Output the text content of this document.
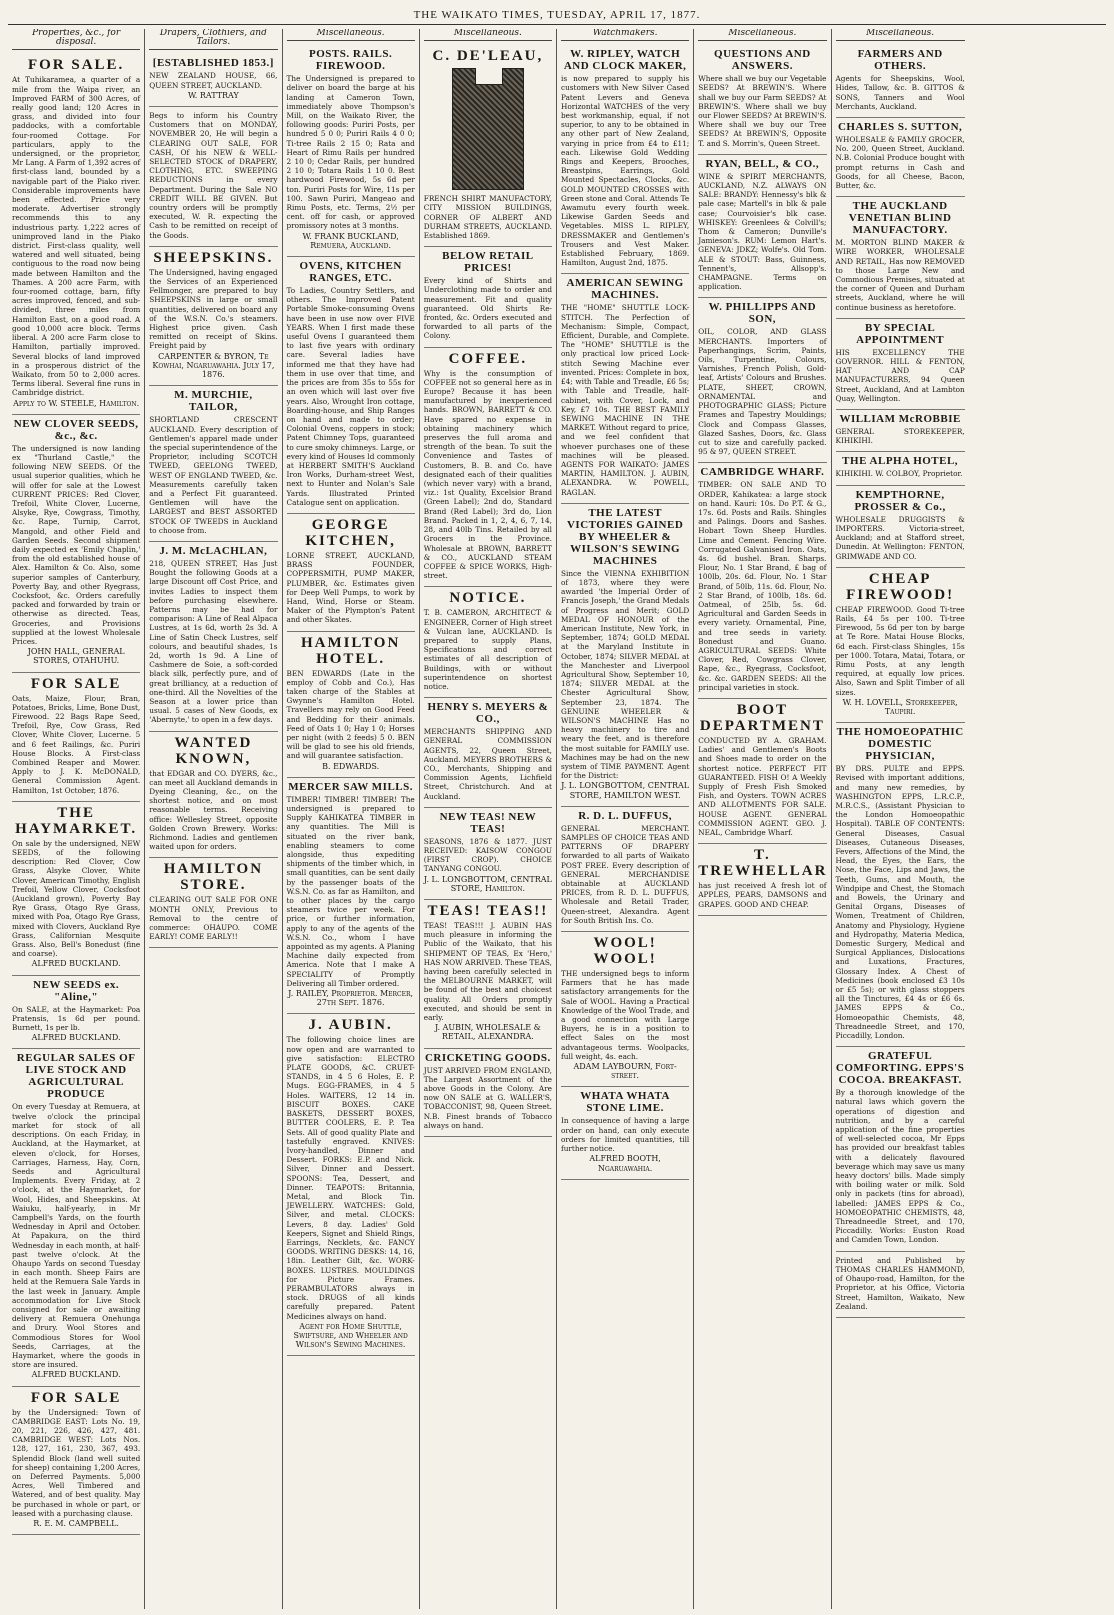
THE WAIKATO TIMES, TUESDAY, APRIL 17, 1877.
Properties, &c., for disposal.
FOR SALE.

At Tuhikaramea, a quarter of a mile from the Waipa river, an Improved FARM of 300 Acres, of really good land; 120 Acres in grass, and divided into four paddocks, with a comfortable four-roomed Cottage. For particulars, apply to the undersigned, or the proprietor, Mr Lang. A Farm of 1,392 acres of first-class land, bounded by a navigable part of the Piako river. Considerable improvements have been effected. Price very moderate. Advertiser strongly recommends this to any industrious party. 1,222 acres of unimproved land in the Piako district. First-class quality, well watered and well situated, being contiguous to the road now being made between Hamilton and the Thames. A 200 acre Farm, with four-roomed cottage, barn, fifty acres improved, fenced, and sub-divided, three miles from Hamilton East, on a good road. A good 10,000 acre block. Terms liberal. A 200 acre Farm close to Hamilton, partially improved. Several blocks of land improved in a prosperous district of the Waikato, from 50 to 2,000 acres. Terms liberal. Several fine runs in Cambridge district.

Apply to W. STEELE, Hamilton.

NEW CLOVER SEEDS, &c., &c.

The undersigned is now landing ex "Thurland Castle," the following NEW SEEDS. Of the usual superior qualities, which he will offer for sale at the Lowest CURRENT PRICES: Red Clover, Trefoil, White Clover, Lucerne, Alsyke, Rye, Cowgrass, Timothy, &c. Rape, Turnip, Carrot, Mangold, and other Field and Garden Seeds. Second shipment daily expected ex 'Emily Chaplin,' from the old established house of Alex. Hamilton & Co. Also, some superior samples of Canterbury, Poverty Bay, and other Ryegrass, Cocksfoot, &c. Orders carefully packed and forwarded by train or otherwise as directed. Teas, Groceries, and Provisions supplied at the lowest Wholesale Prices.

JOHN HALL, GENERAL STORES, OTAHUHU.

FOR SALE

Oats, Maize, Flour, Bran, Potatoes, Bricks, Lime, Bone Dust, Firewood. 22 Bags Rape Seed, Trefoil, Rye, Cow Grass, Red Clover, White Clover, Lucerne. 5 and 6 feet Railings, &c. Puriri House Blocks. A First-class Combined Reaper and Mower. Apply to J. K. McDONALD, General Commission Agent. Hamilton, 1st October, 1876.

THE HAYMARKET.

On sale by the undersigned, NEW SEEDS, of the following description: Red Clover, Cow Grass, Alsyke Clover, White Clover, American Timothy, English Trefoil, Yellow Clover, Cocksfoot (Auckland grown), Poverty Bay Rye Grass, Otago Rye Grass, mixed with Poa, Otago Rye Grass, mixed with Clovers, Auckland Rye Grass, Californian Mesquite Grass. Also, Bell's Bonedust (fine and coarse).

ALFRED BUCKLAND.

NEW SEEDS ex. "Aline,"

On SALE, at the Haymarket: Poa Pratensis, 1s 6d per pound. Burnett, 1s per lb.

ALFRED BUCKLAND.

REGULAR SALES OF LIVE STOCK AND AGRICULTURAL PRODUCE

On every Tuesday at Remuera, at twelve o'clock the principal market for stock of all descriptions. On each Friday, in Auckland, at the Haymarket, at eleven o'clock, for Horses, Carriages, Harness, Hay, Corn, Seeds and Agricultural Implements. Every Friday, at 2 o'clock, at the Haymarket, for Wool, Hides, and Sheepskins. At Waiuku, half-yearly, in Mr Campbell's Yards, on the fourth Wednesday in April and October. At Papakura, on the third Wednesday in each month, at half-past twelve o'clock. At the Ohaupo Yards on second Tuesday in each month. Sheep Fairs are held at the Remuera Sale Yards in the last week in January. Ample accommodation for Live Stock consigned for sale or awaiting delivery at Remuera Onehunga and Drury. Wool Stores and Commodious Stores for Wool Seeds, Carriages, at the Haymarket, where the goods in store are insured.

ALFRED BUCKLAND.

FOR SALE

by the Undersigned: Town of CAMBRIDGE EAST: Lots No. 19, 20, 221, 226, 426, 427, 481. CAMBRIDGE WEST: Lots Nos. 128, 127, 161, 230, 367, 493. Splendid Block (land well suited for sheep) containing 1,200 Acres, on Deferred Payments. 5,000 Acres, Well Timbered and Watered, and of best quality. May be purchased in whole or part, or leased with a purchasing clause.

R. E. M. CAMPBELL.

Drapers, Clothiers, and Tailors.
[ESTABLISHED 1853.]

NEW ZEALAND HOUSE, 66, QUEEN STREET, AUCKLAND.

W. RATTRAY

Begs to inform his Country Customers that on MONDAY, NOVEMBER 20, He will begin a CLEARING OUT SALE, FOR CASH, Of his NEW & WELL-SELECTED STOCK of DRAPERY, CLOTHING, ETC. SWEEPING REDUCTIONS in every Department. During the Sale NO CREDIT WILL BE GIVEN. But country orders will be promptly executed, W. R. expecting the Cash to be remitted on receipt of the Goods.

SHEEPSKINS.

The Undersigned, having engaged the Services of an Experienced Fellmonger, are prepared to buy SHEEPSKINS in large or small quantities, delivered on board any of the W.S.N. Co.'s steamers. Highest price given. Cash remitted on receipt of Skins. Freight paid by

CARPENTER & BYRON, Te Kowhai, Ngaruawahia. July 17, 1876.

M. MURCHIE, TAILOR,

SHORTLAND CRESCENT AUCKLAND. Every description of Gentlemen's apparel made under the special superintendence of the Proprietor, including SCOTCH TWEED, GEELONG TWEED, WEST OF ENGLAND TWEED, &c. Measurements carefully taken and a Perfect Fit guaranteed. Gentlemen will have the LARGEST and BEST ASSORTED STOCK OF TWEEDS in Auckland to choose from.

J. M. McLACHLAN,

218, QUEEN STREET, Has Just Bought the following Goods at a large Discount off Cost Price, and invites Ladies to inspect them before purchasing elsewhere. Patterns may be had for comparison: A Line of Real Alpaca Lustres, at 1s 6d, worth 2s 3d. A Line of Satin Check Lustres, self colours, and beautiful shades, 1s 2d, worth 1s 9d. A Line of Cashmere de Soie, a soft-corded black silk, perfectly pure, and of great brilliancy, at a reduction of one-third. All the Novelties of the Season at a lower price than usual. 5 cases of New Goods, ex 'Abernyte,' to open in a few days.

WANTED KNOWN,

that EDGAR and CO. DYERS, &c., can meet all Auckland demands in Dyeing Cleaning, &c., on the shortest notice, and on most reasonable terms. Receiving office: Wellesley Street, opposite Golden Crown Brewery. Works: Richmond. Ladies and gentlemen waited upon for orders.

HAMILTON STORE.

CLEARING OUT SALE FOR ONE MONTH ONLY, Previous to Removal to the centre of commerce: OHAUPO. COME EARLY! COME EARLY!!

Miscellaneous.
POSTS. RAILS. FIREWOOD.

The Undersigned is prepared to deliver on board the barge at his landing at Cameron Town, immediately above Thompson's Mill, on the Waikato River, the following goods: Puriri Posts, per hundred 5 0 0; Puriri Rails 4 0 0; Ti-tree Rails 2 15 0; Rata and Heart of Rimu Rails per hundred 2 10 0; Cedar Rails, per hundred 2 10 0; Totara Rails 1 10 0. Best hardwood Firewood, 5s 6d per ton. Puriri Posts for Wire, 11s per 100. Sawn Puriri, Mangeao and Rimu Posts, etc. Terms, 2½ per cent. off for cash, or approved promissory notes at 3 months.

W. FRANK BUCKLAND, Remuera, Auckland.

OVENS, KITCHEN RANGES, ETC.

To Ladies, Country Settlers, and others. The Improved Patent Portable Smoke-consuming Ovens have been in use now over FIVE YEARS. When I first made these useful Ovens I guaranteed them to last five years with ordinary care. Several ladies have informed me that they have had them in use over that time, and the prices are from 35s to 55s for an oven which will last over five years. Also, Wrought Iron cottage, Boarding-house, and Ship Ranges on hand and made to order; Colonial Ovens, coppers in stock; Patent Chimney Tops, guaranteed to cure smoky chimneys. Large, or every kind of Houses ld commonly at HERBERT SMITH'S Auckland Iron Works, Durham-street West, next to Hunter and Nolan's Sale Yards. Illustrated Printed Catalogue sent on application.

GEORGE KITCHEN,

LORNE STREET, AUCKLAND, BRASS FOUNDER, COPPERSMITH, PUMP MAKER, PLUMBER, &c. Estimates given for Deep Well Pumps, to work by Hand, Wind, Horse or Steam. Maker of the Plympton's Patent and other Skates.

HAMILTON HOTEL.

BEN EDWARDS (Late in the employ of Cobb and Co.), Has taken charge of the Stables at Gwynne's Hamilton Hotel. Travellers may rely on Good Feed and Bedding for their animals. Feed of Oats 1 0; Hay 1 0; Horses per night (with 2 feeds) 5 0. BEN will be glad to see his old friends, and will guarantee satisfaction.

B. EDWARDS.

MERCER SAW MILLS.

TIMBER! TIMBER! TIMBER! The undersigned is prepared to Supply KAHIKATEA TIMBER in any quantities. The Mill is situated on the river bank, enabling steamers to come alongside, thus expediting shipments of the timber which, in small quantities, can be sent daily by the passenger boats of the W.S.N. Co. as far as Hamilton, and to other places by the cargo steamers twice per week. For price, or further information, apply to any of the agents of the W.S.N. Co., whom I have appointed as my agents. A Planing Machine daily expected from America. Note that I make A SPECIALITY of Promptly Delivering all Timber ordered.

J. RAILEY, Proprietor. Mercer, 27th Sept. 1876.

J. AUBIN.

The following choice lines are now open and are warranted to give satisfaction: ELECTRO PLATE GOODS, &C. CRUET-STANDS, in 4 5 6 Holes, E. P. Mugs. EGG-FRAMES, in 4 5 Holes. WAITERS, 12 14 in. BISCUIT BOXES. CAKE BASKETS, DESSERT BOXES, BUTTER COOLERS, E. P. Tea Sets. All of good quality Plate and tastefully engraved. KNIVES: Ivory-handled, Dinner and Dessert. FORKS: E.P. and Nick. Silver, Dinner and Dessert. SPOONS: Tea, Dessert, and Dinner. TEAPOTS: Britannia, Metal, and Block Tin. JEWELLERY. WATCHES: Gold, Silver, and metal. CLOCKS: Levers, 8 day. Ladies' Gold Keepers, Signet and Shield Rings, Earrings, Necklets, &c. FANCY GOODS. WRITING DESKS: 14, 16, 18in. Leather Gilt, &c. WORK-BOXES. LUSTRES. MOULDINGS for Picture Frames. PERAMBULATORS always in stock. DRUGS of all kinds carefully prepared. Patent Medicines always on hand.

Agent for Home Shuttle, Swiftsure, and Wheeler and Wilson's Sewing Machines.

Miscellaneous.
C. DE'LEAU,

FRENCH SHIRT MANUFACTORY, CITY MISSION BUILDINGS, CORNER OF ALBERT AND DURHAM STREETS, AUCKLAND. Established 1869.

BELOW RETAIL PRICES!

Every kind of Shirts and Underclothing made to order and measurement. Fit and quality guaranteed. Old Shirts Re-fronted, &c. Orders executed and forwarded to all parts of the Colony.

COFFEE.

Why is the consumption of COFFEE not so general here as in Europe? Because it has been manufactured by inexperienced hands. BROWN, BARRETT & CO. Have spared no expense in obtaining machinery which preserves the full aroma and strength of the bean. To suit the Convenience and Tastes of Customers, B. B. and Co. have designated each of their qualities (which never vary) with a brand, viz.: 1st Quality, Excelsior Brand (Green Label); 2nd do, Standard Brand (Red Label); 3rd do, Lion Brand. Packed in 1, 2, 4, 6, 7, 14, 28, and 40lb Tins. Retailed by all Grocers in the Province. Wholesale at BROWN, BARRETT & CO., AUCKLAND STEAM COFFEE & SPICE WORKS, High-street.

NOTICE.

T. B. CAMERON, ARCHITECT & ENGINEER, Corner of High street & Vulcan lane, AUCKLAND. Is prepared to supply Plans, Specifications and correct estimates of all description of Buildings, with or without superintendence on shortest notice.

HENRY S. MEYERS & CO.,

MERCHANTS SHIPPING AND GENERAL COMMISSION AGENTS, 22, Queen Street, Auckland. MEYERS BROTHERS & CO., Merchants, Shipping and Commission Agents, Lichfield Street, Christchurch. And at Auckland.

NEW TEAS! NEW TEAS!

SEASONS, 1876 & 1877. JUST RECEIVED: KAISOW CONGOU (FIRST CROP). CHOICE TANYANG CONGOU.

J. L. LONGBOTTOM, CENTRAL STORE, Hamilton.

TEAS! TEAS!!

TEAS! TEAS!!! J. AUBIN HAS much pleasure in informing the Public of the Waikato, that his SHIPMENT OF TEAS, Ex 'Hero,' HAS NOW ARRIVED. These TEAS, having been carefully selected in the MELBOURNE MARKET, will be found of the best and choicest quality. All Orders promptly executed, and should be sent in early.

J. AUBIN, WHOLESALE & RETAIL, ALEXANDRA.

CRICKETING GOODS.

JUST ARRIVED FROM ENGLAND, The Largest Assortment of the above Goods in the Colony. Are now ON SALE at G. WALLER'S, TOBACCONIST, 98, Queen Street. N.B. Finest brands of Tobacco always on hand.

Watchmakers.
W. RIPLEY, WATCH AND CLOCK MAKER,

is now prepared to supply his customers with New Silver Cased Patent Levers and Geneva Horizontal WATCHES of the very best workmanship, equal, if not superior, to any to be obtained in any other part of New Zealand, varying in price from £4 to £11; each. Likewise Gold Wedding Rings and Keepers, Brooches, Breastpins, Earrings, Gold Mounted Spectacles, Clocks, &c. GOLD MOUNTED CROSSES with Green stone and Coral. Attends Te Awamutu every fourth week. Likewise Garden Seeds and Vegetables. MISS L. RIPLEY, DRESSMAKER and Gentlemen's Trousers and Vest Maker. Established February, 1869. Hamilton, August 2nd, 1875.

AMERICAN SEWING MACHINES.

THE "HOME" SHUTTLE LOCK-STITCH. The Perfection of Mechanism: Simple, Compact, Efficient, Durable, and Complete. The "HOME" SHUTTLE is the only practical low priced Lock-stitch Sewing Machine ever invented. Prices: Complete in box, £4; with Table and Treadle, £6 5s; with Table and Treadle, half-cabinet, with Cover, Lock, and Key, £7 10s. THE BEST FAMILY SEWING MACHINE IN THE MARKET. Without regard to price, and we feel confident that whoever purchases one of these machines will be pleased. AGENTS FOR WAIKATO: JAMES MARTIN, HAMILTON. J. AUBIN, ALEXANDRA. W. POWELL, RAGLAN.

THE LATEST VICTORIES GAINED BY WHEELER & WILSON'S SEWING MACHINES

Since the VIENNA EXHIBITION of 1873, where they were awarded 'the Imperial Order of Francis Joseph,' the Grand Medals of Progress and Merit; GOLD MEDAL OF HONOUR of the American Institute, New York, in September, 1874; GOLD MEDAL at the Maryland Institute in October, 1874; SILVER MEDAL at the Manchester and Liverpool Agricultural Show, September 10, 1874; SILVER MEDAL at the Chester Agricultural Show, September 23, 1874. The GENUINE WHEELER & WILSON'S MACHINE Has no heavy machinery to tire and weary the feet, and is therefore the most suitable for FAMILY use. Machines may be had on the new system of TIME PAYMENT. Agent for the District:

J. L. LONGBOTTOM, CENTRAL STORE, HAMILTON WEST.

R. D. L. DUFFUS,

GENERAL MERCHANT. SAMPLES OF CHOICE TEAS AND PATTERNS OF DRAPERY forwarded to all parts of Waikato POST FREE. Every description of GENERAL MERCHANDISE obtainable at AUCKLAND PRICES, from R. D. L. DUFFUS, Wholesale and Retail Trader, Queen-street, Alexandra. Agent for South British Ins. Co.

WOOL! WOOL!

THE undersigned begs to inform Farmers that he has made satisfactory arrangements for the Sale of WOOL. Having a Practical Knowledge of the Wool Trade, and a good connection with Large Buyers, he is in a position to effect Sales on the most advantageous terms. Woolpacks, full weight, 4s. each.

ADAM LAYBOURN, Fort-street.

WHATA WHATA STONE LIME.

In consequence of having a large order on hand, can only execute orders for limited quantities, till further notice.

ALFRED BOOTH, Ngaruawahia.

Miscellaneous.
QUESTIONS AND ANSWERS.

Where shall we buy our Vegetable SEEDS? At BREWIN'S. Where shall we buy our Farm SEEDS? At BREWIN'S. Where shall we buy our Flower SEEDS? At BREWIN'S. Where shall we buy our Tree SEEDS? At BREWIN'S, Opposite T. and S. Morrin's, Queen Street.

RYAN, BELL, & CO.,

WINE & SPIRIT MERCHANTS, AUCKLAND, N.Z. ALWAYS ON SALE: BRANDY: Hennessy's blk & pale case; Martell's in blk & pale case; Courvoisier's blk case. WHISKEY: Greenlees & Colvill's; Thom & Cameron; Dunville's Jamieson's. RUM: Lemon Hart's. GENEVA: JDKZ; Wolfe's. Old Tom. ALE & STOUT: Bass, Guinness, Tennent's, Allsopp's. CHAMPAGNE. Terms on application.

W. PHILLIPPS AND SON,

OIL, COLOR, AND GLASS MERCHANTS. Importers of Paperhangings, Scrim, Paints, Oils, Turpentine, Colours, Varnishes, French Polish, Gold-leaf, Artists' Colours and Brushes. PLATE, SHEET, CROWN, ORNAMENTAL and PHOTOGRAPHIC GLASS; Picture Frames and Tapestry Mouldings; Clock and Compass Glasses, Glazed Sashes, Doors, &c. Glass cut to size and carefully packed. 95 & 97, QUEEN STREET.

CAMBRIDGE WHARF.

TIMBER: ON SALE AND TO ORDER, Kahikatea: a large stock on hand. Kauri: 10s. Do P.T. & G., 17s. 6d. Posts and Rails. Shingles and Palings. Doors and Sashes. Hobart Town Sheep Hurdles. Lime and Cement. Fencing Wire. Corrugated Galvanised Iron. Oats, 4s. 6d bushel. Bran. Sharps. Flour, No. 1 Star Brand, £ bag of 100lb, 20s. 6d. Flour, No. 1 Star Brand, of 50lb, 11s. 6d. Flour, No. 2 Star Brand, of 100lb, 18s. 6d. Oatmeal, of 25lb, 5s. 6d. Agricultural and Garden Seeds in every variety. Ornamental, Pine, and tree seeds in variety. Bonedust and Guano. AGRICULTURAL SEEDS: White Clover, Red, Cowgrass Clover, Rape, &c., Ryegrass, Cocksfoot, &c. &c. GARDEN SEEDS: All the principal varieties in stock.

BOOT DEPARTMENT

CONDUCTED BY A. GRAHAM. Ladies' and Gentlemen's Boots and Shoes made to order on the shortest notice. PERFECT FIT GUARANTEED. FISH O! A Weekly Supply of Fresh Fish Smoked Fish, and Oysters. TOWN ACRES AND ALLOTMENTS FOR SALE. HOUSE AGENT. GENERAL COMMISSION AGENT. GEO. J. NEAL, Cambridge Wharf.

T. TREWHELLAR

has just received A fresh lot of APPLES, PEARS, DAMSONS and GRAPES. GOOD AND CHEAP.

Miscellaneous.
FARMERS AND OTHERS.

Agents for Sheepskins, Wool, Hides, Tallow, &c. B. GITTOS & SONS, Tanners and Wool Merchants, Auckland.

CHARLES S. SUTTON,

WHOLESALE & FAMILY GROCER, No. 200, Queen Street, Auckland. N.B. Colonial Produce bought with prompt returns in Cash and Goods, for all Cheese, Bacon, Butter, &c.

THE AUCKLAND VENETIAN BLIND MANUFACTORY.

M. MORTON BLIND MAKER & WIRE WORKER, WHOLESALE AND RETAIL, Has now REMOVED to those Large New and Commodious Premises, situated at the corner of Queen and Durham streets, Auckland, where he will continue business as heretofore.

BY SPECIAL APPOINTMENT

HIS EXCELLENCY THE GOVERNOR. HILL & FENTON, HAT AND CAP MANUFACTURERS, 94 Queen Street, Auckland, And at Lambton Quay, Wellington.

WILLIAM McROBBIE

GENERAL STOREKEEPER, KIHIKIHI.

THE ALPHA HOTEL,

KIHIKIHI. W. COLBOY, Proprietor.

KEMPTHORNE, PROSSER & Co.,

WHOLESALE DRUGGISTS & IMPORTERS. Victoria-street, Auckland; and at Stafford street, Dunedin. At Wellington: FENTON, GRIMWADE AND CO.

CHEAP FIREWOOD!

CHEAP FIREWOOD. Good Ti-tree Rails, £4 5s per 100. Ti-tree Firewood, 5s 6d per ton by barge at Te Rore. Matai House Blocks, 6d each. First-class Shingles, 15s per 1000. Totara, Matai, Totara, or Rimu Posts, at any length required, at equally low prices. Also, Sawn and Split Timber of all sizes.

W. H. LOVELL, Storekeeper, Taupiri.

THE HOMOEOPATHIC DOMESTIC PHYSICIAN,

BY DRS. PULTE and EPPS. Revised with important additions, and many new remedies, by WASHINGTON EPPS, L.R.C.P., M.R.C.S., (Assistant Physician to the London Homoeopathic Hospital). TABLE OF CONTENTS: General Diseases, Casual Diseases, Cutaneous Diseases, Fevers, Affections of the Mind, the Head, the Eyes, the Ears, the Nose, the Face, Lips and Jaws, the Teeth, Gums, and Mouth, the Windpipe and Chest, the Stomach and Bowels, the Urinary and Genital Organs, Diseases of Women, Treatment of Children, Anatomy and Physiology, Hygiene and Hydropathy, Materia Medica, Domestic Surgery, Medical and Surgical Appliances, Dislocations and Luxations, Fractures, Glossary Index. A Chest of Medicines (book enclosed £3 10s or £5 5s); or with glass stoppers all the Tinctures, £4 4s or £6 6s. JAMES EPPS & Co., Homoeopathic Chemists, 48, Threadneedle Street, and 170, Piccadilly, London.

GRATEFUL COMFORTING. EPPS'S COCOA. BREAKFAST.

By a thorough knowledge of the natural laws which govern the operations of digestion and nutrition, and by a careful application of the fine properties of well-selected cocoa, Mr Epps has provided our breakfast tables with a delicately flavoured beverage which may save us many heavy doctors' bills. Made simply with boiling water or milk. Sold only in packets (tins for abroad), labelled: JAMES EPPS & Co., HOMOEOPATHIC CHEMISTS, 48, Threadneedle Street, and 170, Piccadilly. Works: Euston Road and Camden Town, London.

Printed and Published by THOMAS CHARLES HAMMOND, of Ohaupo-road, Hamilton, for the Proprietor, at his Office, Victoria Street, Hamilton, Waikato, New Zealand.
